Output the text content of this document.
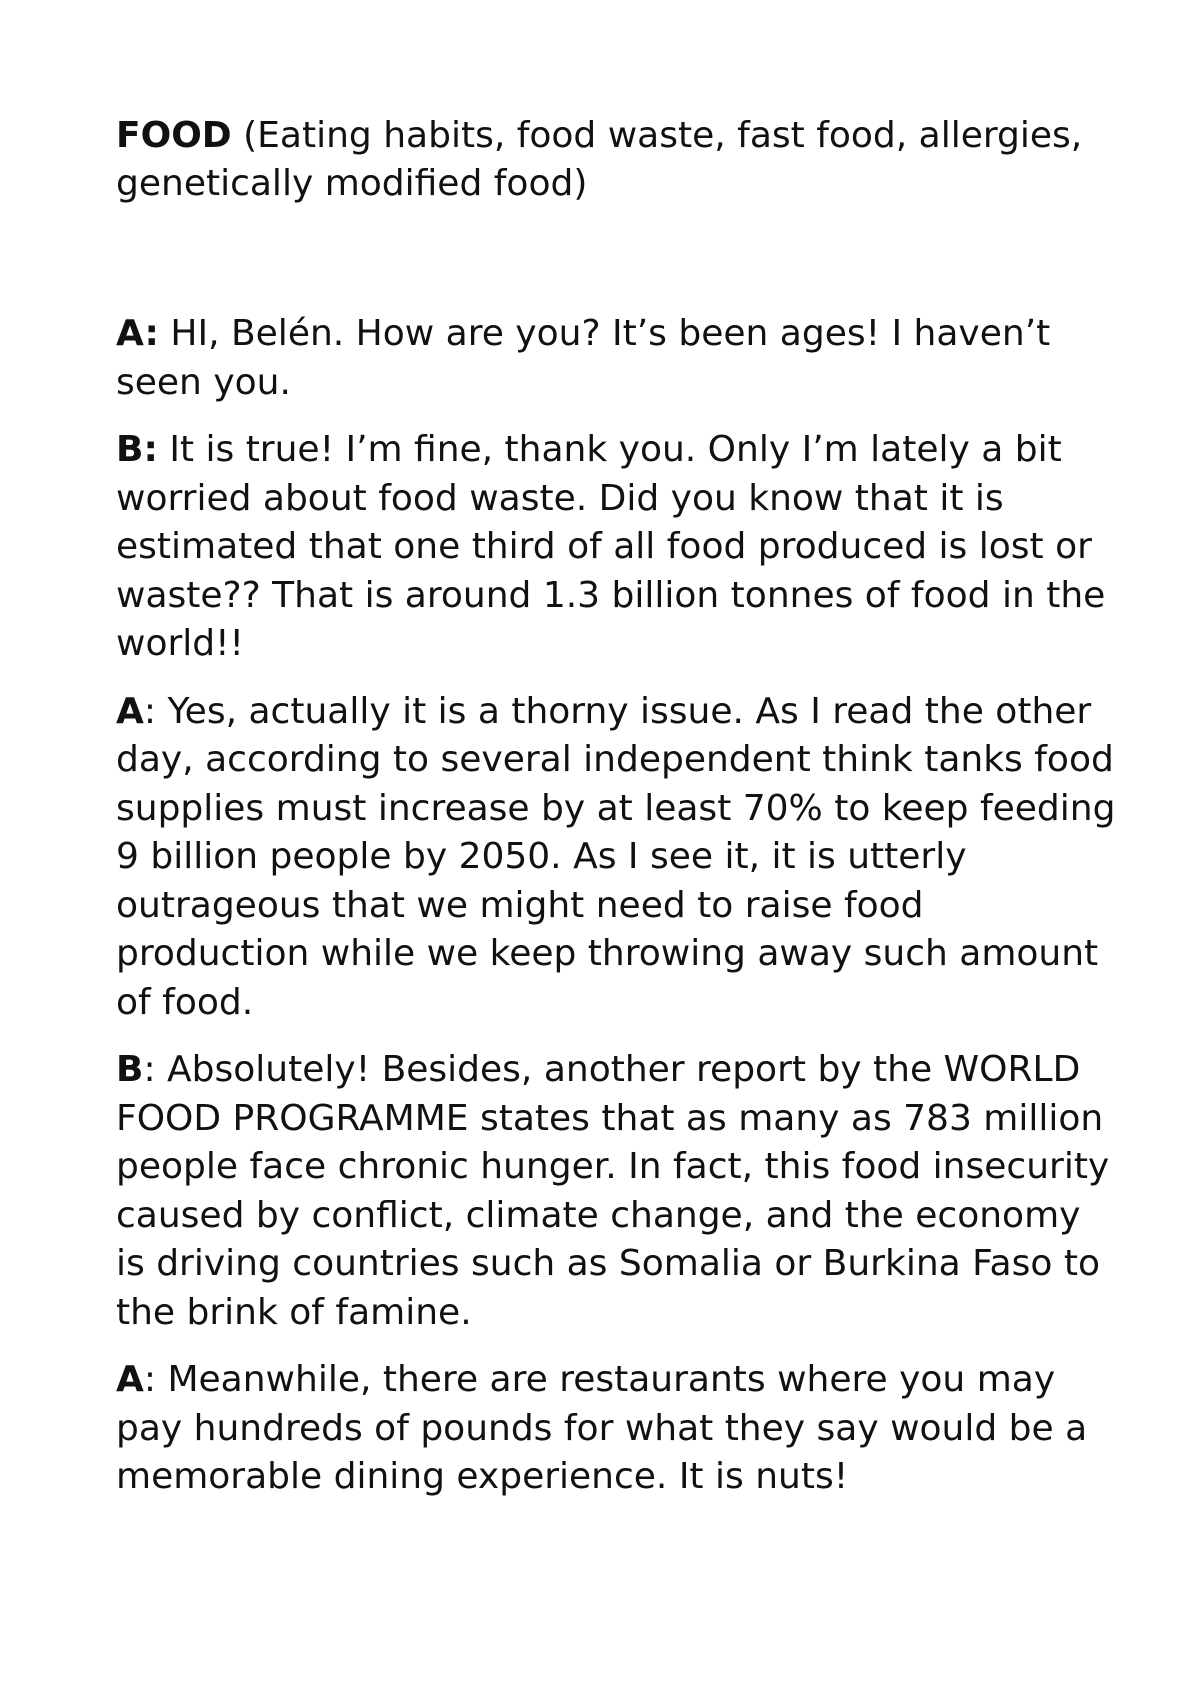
FOOD (Eating habits, food waste, fast food, allergies, genetically modified food)

A: HI, Belén. How are you? It’s been ages! I haven’t seen you.

B: It is true! I’m fine, thank you. Only I’m lately a bit worried about food waste. Did you know that it is estimated that one third of all food produced is lost or waste?? That is around 1.3 billion tonnes of food in the world!!

A: Yes, actually it is a thorny issue. As I read the other day, according to several independent think tanks food supplies must increase by at least 70% to keep feeding 9 billion people by 2050. As I see it, it is utterly outrageous that we might need to raise food production while we keep throwing away such amount of food.

B: Absolutely! Besides, another report by the WORLD FOOD PROGRAMME states that as many as 783 million people face chronic hunger. In fact, this food insecurity caused by conflict, climate change, and the economy is driving countries such as Somalia or Burkina Faso to the brink of famine.

A: Meanwhile, there are restaurants where you may pay hundreds of pounds for what they say would be a memorable dining experience. It is nuts!
